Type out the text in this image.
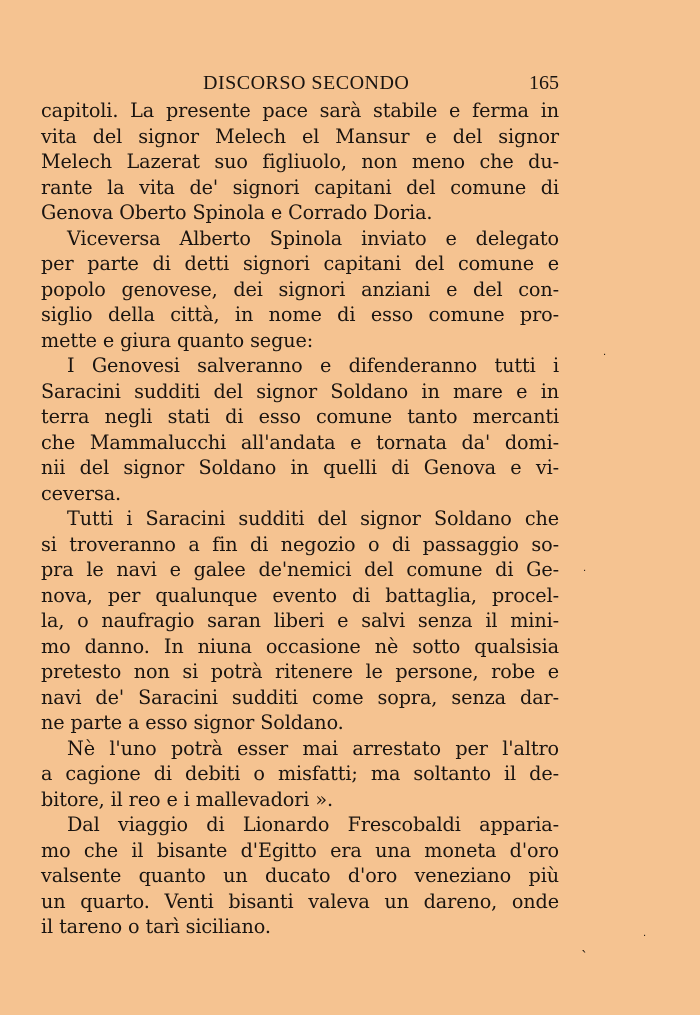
DISCORSO SECONDO	165
capitoli. La presente pace sarà stabile e ferma in
vita del signor Melech el Mansur e del signor
Melech Lazerat suo figliuolo, non meno che du-
rante la vita de' signori capitani del comune di
Genova Oberto Spinola e Corrado Doria.
Viceversa Alberto Spinola inviato e delegato
per parte di detti signori capitani del comune e
popolo genovese, dei signori anziani e del con-
siglio della città, in nome di esso comune pro-
mette e giura quanto segue:
I Genovesi salveranno e difenderanno tutti i
Saracini sudditi del signor Soldano in mare e in
terra negli stati di esso comune tanto mercanti
che Mammalucchi all'andata e tornata da' domi-
nii del signor Soldano in quelli di Genova e vi-
ceversa.
Tutti i Saracini sudditi del signor Soldano che
si troveranno a fin di negozio o di passaggio so-
pra le navi e galee de'nemici del comune di Ge-
nova, per qualunque evento di battaglia, procel-
la, o naufragio saran liberi e salvi senza il mini-
mo danno. In niuna occasione nè sotto qualsisia
pretesto non si potrà ritenere le persone, robe e
navi de' Saracini sudditi come sopra, senza dar-
ne parte a esso signor Soldano.
Nè l'uno potrà esser mai arrestato per l'altro
a cagione di debiti o misfatti; ma soltanto il de-
bitore, il reo e i mallevadori ».
Dal viaggio di Lionardo Frescobaldi apparia-
mo che il bisante d'Egitto era una moneta d'oro
valsente quanto un ducato d'oro veneziano più
un quarto. Venti bisanti valeva un dareno, onde
il tareno o tarì siciliano.
·
·
ˎ
·
